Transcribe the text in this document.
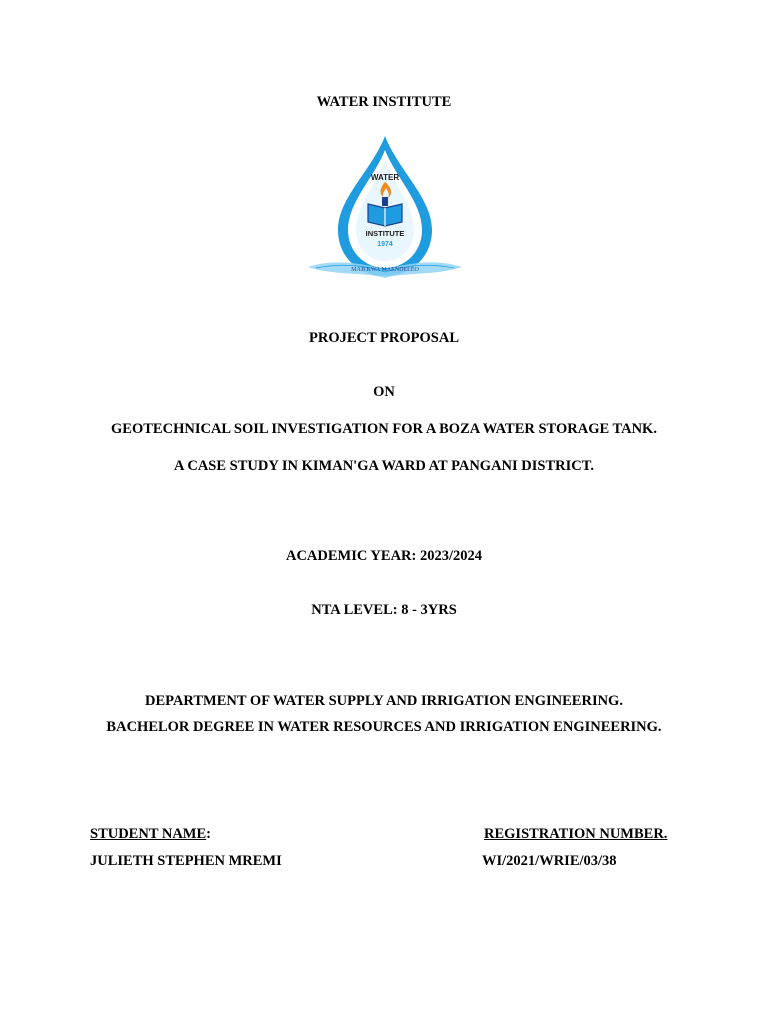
WATER INSTITUTE
WATER
INSTITUTE
1974
MAJI KWA MAENDELEO
PROJECT PROPOSAL
ON
GEOTECHNICAL SOIL INVESTIGATION FOR A BOZA WATER STORAGE TANK.
A CASE STUDY IN KIMAN'GA WARD AT PANGANI DISTRICT.
ACADEMIC YEAR: 2023/2024
NTA LEVEL: 8 - 3YRS
DEPARTMENT OF WATER SUPPLY AND IRRIGATION ENGINEERING.
BACHELOR DEGREE IN WATER RESOURCES AND IRRIGATION ENGINEERING.
STUDENT NAME:	REGISTRATION NUMBER.
JULIETH STEPHEN MREMI	WI/2021/WRIE/03/38
